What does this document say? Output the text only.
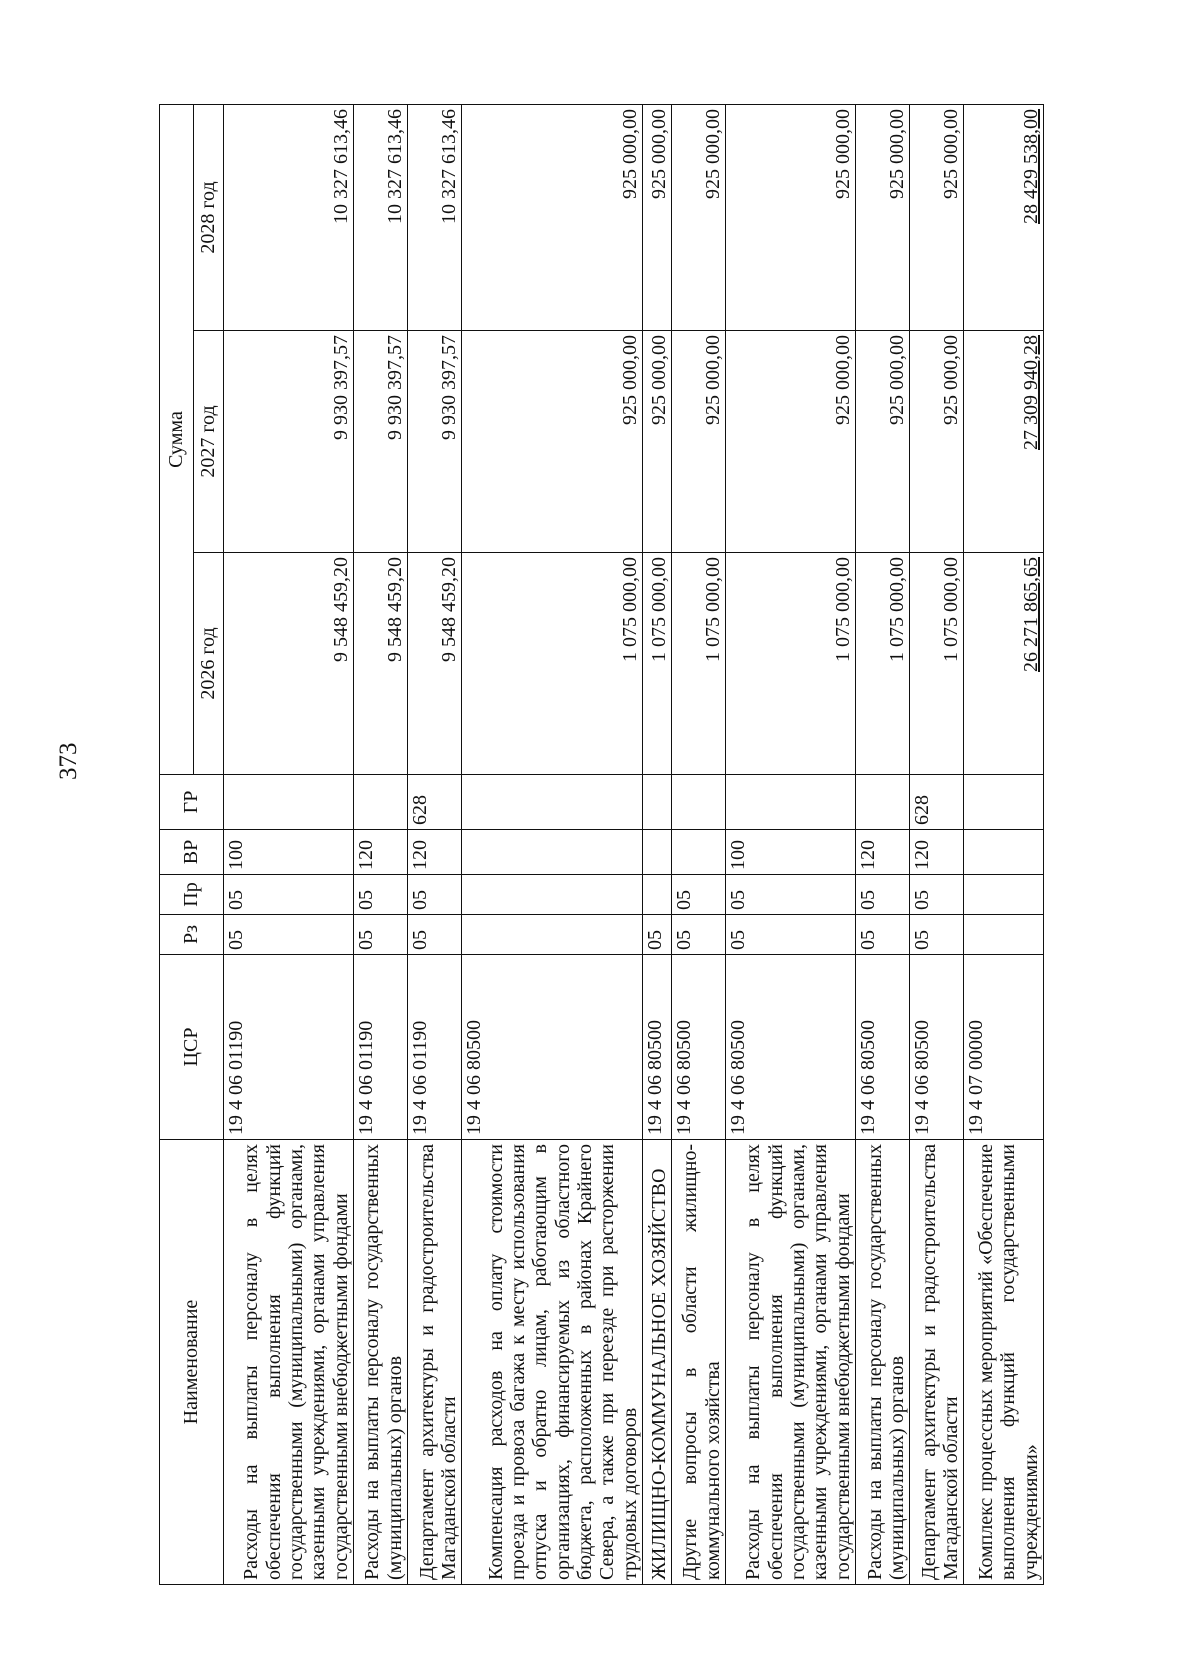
373
Наименование	ЦСР	Рз	Пр	ВР	ГР	Сумма		
						2026 год	2027 год	2028 год
Расходы на выплаты персоналу в целях обеспечения выполнения функций государственными (муниципальными) органами, казенными учреждениями, органами управления государственными внебюджетными фондами	19 4 06 01190	05	05	100		9 548 459,20	9 930 397,57	10 327 613,46
Расходы на выплаты персоналу государственных (муниципальных) органов	19 4 06 01190	05	05	120		9 548 459,20	9 930 397,57	10 327 613,46
Департамент архитектуры и градостроительства Магаданской области	19 4 06 01190	05	05	120	628	9 548 459,20	9 930 397,57	10 327 613,46
Компенсация расходов на оплату стоимости проезда и провоза багажа к месту использования отпуска и обратно лицам, работающим в организациях, финансируемых из областного бюджета, расположенных в районах Крайнего Севера, а также при переезде при расторжении трудовых договоров	19 4 06 80500					1 075 000,00	925 000,00	925 000,00
ЖИЛИЩНО-КОММУНАЛЬНОЕ ХОЗЯЙСТВО	19 4 06 80500	05				1 075 000,00	925 000,00	925 000,00
Другие вопросы в области жилищно-коммунального хозяйства	19 4 06 80500	05	05			1 075 000,00	925 000,00	925 000,00
Расходы на выплаты персоналу в целях обеспечения выполнения функций государственными (муниципальными) органами, казенными учреждениями, органами управления государственными внебюджетными фондами	19 4 06 80500	05	05	100		1 075 000,00	925 000,00	925 000,00
Расходы на выплаты персоналу государственных (муниципальных) органов	19 4 06 80500	05	05	120		1 075 000,00	925 000,00	925 000,00
Департамент архитектуры и градостроительства Магаданской области	19 4 06 80500	05	05	120	628	1 075 000,00	925 000,00	925 000,00
Комплекс процессных мероприятий «Обеспечение выполнения функций государственными учреждениями»	19 4 07 00000					26 271 865,65	27 309 940,28	28 429 538,00
